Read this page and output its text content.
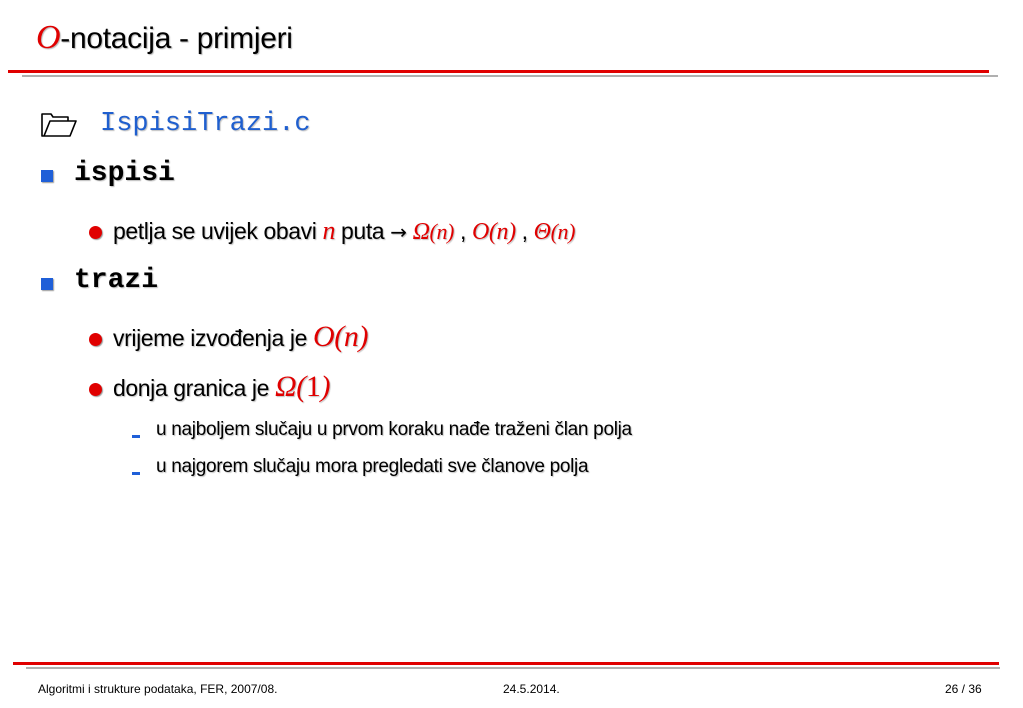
O-notacija - primjeri
IspisiTrazi.c
ispisi
petlja se uvijek obavi n puta → Ω(n) , O(n) , Θ(n)
trazi
vrijeme izvođenja je O(n)
donja granica je Ω(1)
u najboljem slučaju u prvom koraku nađe traženi član polja
u najgorem slučaju mora pregledati sve članove polja
Algoritmi i strukture podataka, FER, 2007/08.	24.5.2014.	26 / 36
